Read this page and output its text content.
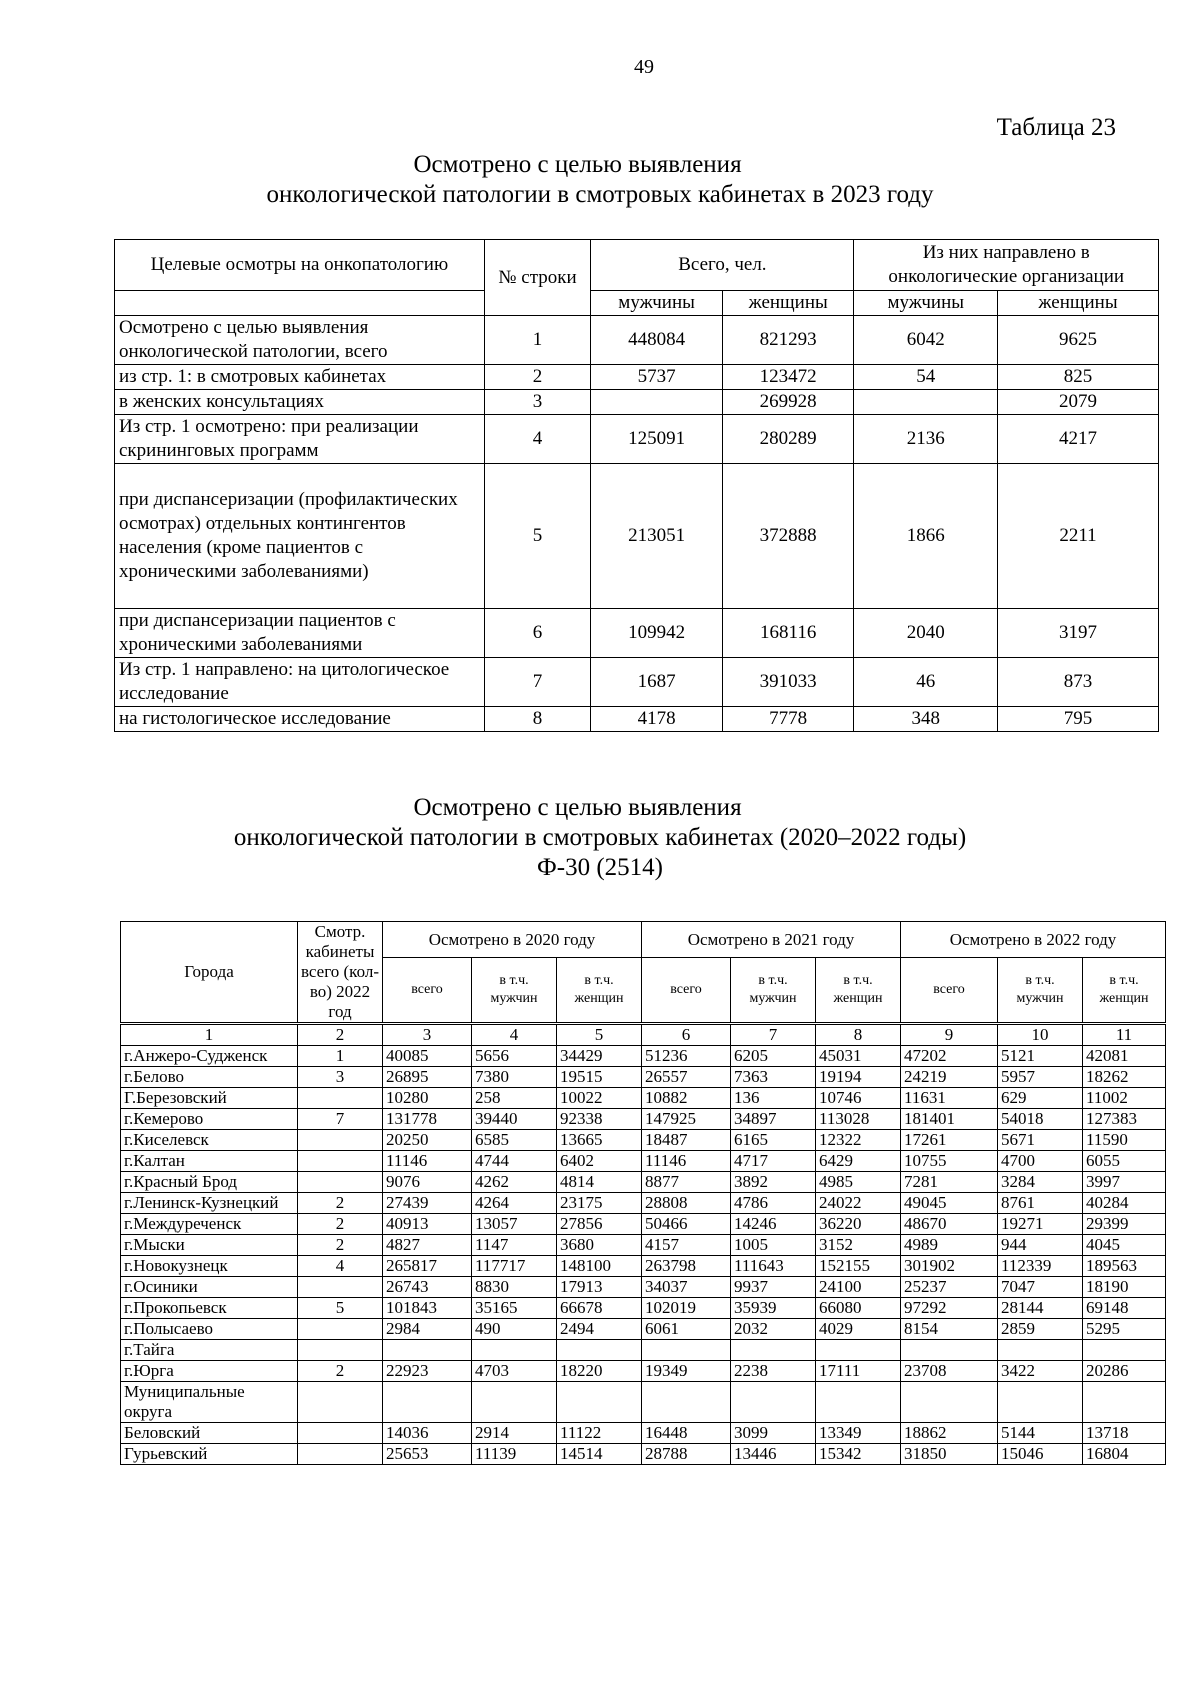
49
Таблица 23
Осмотрено с целью выявления
онкологической патологии в смотровых кабинетах в 2023 году
Целевые осмотры на онкопатологию	№ строки	Всего, чел.		Из них направлено в онкологические организации	

		мужчины	женщины	мужчины	женщины
Осмотрено с целью выявления онкологической патологии, всего	1	448084	821293	6042	9625
из стр. 1: в смотровых кабинетах	2	5737	123472	54	825
в женских консультациях	3		269928		2079
Из стр. 1 осмотрено: при реализации скрининговых программ	4	125091	280289	2136	4217
при диспансеризации (профилактических осмотрах) отдельных контингентов населения (кроме пациентов с хроническими заболеваниями)	5	213051	372888	1866	2211
при диспансеризации пациентов с хроническими заболеваниями	6	109942	168116	2040	3197
Из стр. 1 направлено: на цитологическое исследование	7	1687	391033	46	873
на гистологическое исследование	8	4178	7778	348	795
Осмотрено с целью выявления
онкологической патологии в смотровых кабинетах (2020–2022 годы)
Ф-30 (2514)
Города	Смотр. кабинеты всего (кол-во) 2022 год	Осмотрено в 2020 году			Осмотрено в 2021 году			Осмотрено в 2022 году		
		всего	в т.ч. мужчин	в т.ч. женщин	всего	в т.ч. мужчин	в т.ч. женщин	всего	в т.ч. мужчин	в т.ч. женщин
1	2	3	4	5	6	7	8	9	10	11
г.Анжеро-Судженск	1	40085	5656	34429	51236	6205	45031	47202	5121	42081
г.Белово	3	26895	7380	19515	26557	7363	19194	24219	5957	18262
Г.Березовский		10280	258	10022	10882	136	10746	11631	629	11002
г.Кемерово	7	131778	39440	92338	147925	34897	113028	181401	54018	127383
г.Киселевск		20250	6585	13665	18487	6165	12322	17261	5671	11590
г.Калтан		11146	4744	6402	11146	4717	6429	10755	4700	6055
г.Красный Брод		9076	4262	4814	8877	3892	4985	7281	3284	3997
г.Ленинск-Кузнецкий	2	27439	4264	23175	28808	4786	24022	49045	8761	40284
г.Междуреченск	2	40913	13057	27856	50466	14246	36220	48670	19271	29399
г.Мыски	2	4827	1147	3680	4157	1005	3152	4989	944	4045
г.Новокузнецк	4	265817	117717	148100	263798	111643	152155	301902	112339	189563
г.Осиники		26743	8830	17913	34037	9937	24100	25237	7047	18190
г.Прокопьевск	5	101843	35165	66678	102019	35939	66080	97292	28144	69148
г.Полысаево		2984	490	2494	6061	2032	4029	8154	2859	5295
г.Тайга										
г.Юрга	2	22923	4703	18220	19349	2238	17111	23708	3422	20286
Муниципальные округа										
Беловский		14036	2914	11122	16448	3099	13349	18862	5144	13718
Гурьевский		25653	11139	14514	28788	13446	15342	31850	15046	16804
